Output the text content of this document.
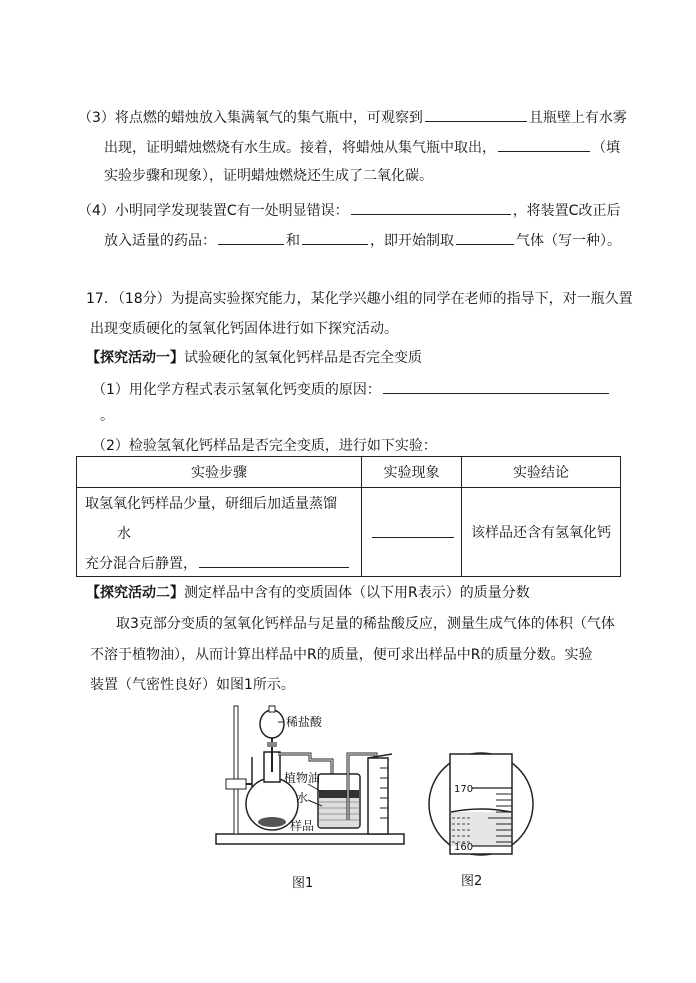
（3）将点燃的蜡烛放入集满氧气的集气瓶中，可观察到	且瓶壁上有水雾
出现，证明蜡烛燃烧有水生成。接着，将蜡烛从集气瓶中取出，	（填
实验步骤和现象），证明蜡烛燃烧还生成了二氧化碳。
（4）小明同学发现装置C有一处明显错误：	，将装置C改正后
放入适量的药品：	和	，即开始制取	气体（写一种）。
17．（18分）为提高实验探究能力，某化学兴趣小组的同学在老师的指导下，对一瓶久置
出现变质硬化的氢氧化钙固体进行如下探究活动。
【探究活动一】试验硬化的氢氧化钙样品是否完全变质
（1）用化学方程式表示氢氧化钙变质的原因：
。
（2）检验氢氧化钙样品是否完全变质，进行如下实验：
实验步骤	实验现象	实验结论

取氢氧化钙样品少量，研细后加适量蒸馏
水
充分混合后静置，		该样品还含有氢氧化钙
【探究活动二】测定样品中含有的变质固体（以下用R表示）的质量分数
取3克部分变质的氢氧化钙样品与足量的稀盐酸反应，测量生成气体的体积（气体
不溶于植物油），从而计算出样品中R的质量，便可求出样品中R的质量分数。实验
装置（气密性良好）如图1所示。
稀盐酸
植物油
水
样品
图1
170
160
图2
